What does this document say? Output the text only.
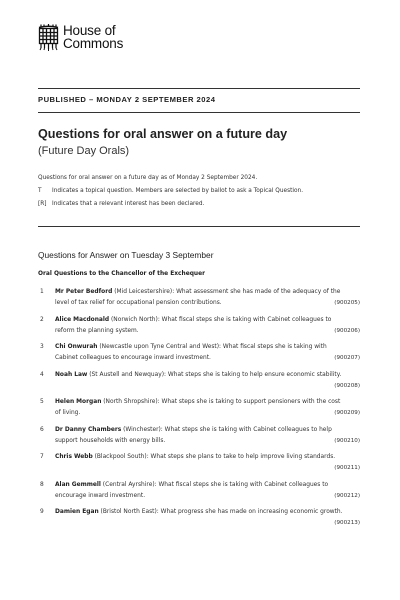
House of
Commons
PUBLISHED – MONDAY 2 SEPTEMBER 2024
Questions for oral answer on a future day
(Future Day Orals)
Questions for oral answer on a future day as of Monday 2 September 2024.
T	Indicates a topical question. Members are selected by ballot to ask a Topical Question.
[R] Indicates that a relevant interest has been declared.
Questions for Answer on Tuesday 3 September
Oral Questions to the Chancellor of the Exchequer
1 Mr Peter Bedford (Mid Leicestershire): What assessment she has made of the adequacy of the level of tax relief for occupational pension contributions.	(900205)
2 Alice Macdonald (Norwich North): What fiscal steps she is taking with Cabinet colleagues to reform the planning system.	(900206)
3 Chi Onwurah (Newcastle upon Tyne Central and West): What fiscal steps she is taking with Cabinet colleagues to encourage inward investment.	(900207)
4 Noah Law (St Austell and Newquay): What steps she is taking to help ensure economic stability.
(900208)
5 Helen Morgan (North Shropshire): What steps she is taking to support pensioners with the cost of living.	(900209)
6 Dr Danny Chambers (Winchester): What steps she is taking with Cabinet colleagues to help support households with energy bills.	(900210)
7 Chris Webb (Blackpool South): What steps she plans to take to help improve living standards.
(900211)
8 Alan Gemmell (Central Ayrshire): What fiscal steps she is taking with Cabinet colleagues to encourage inward investment.	(900212)
9 Damien Egan (Bristol North East): What progress she has made on increasing economic growth.
(900213)
